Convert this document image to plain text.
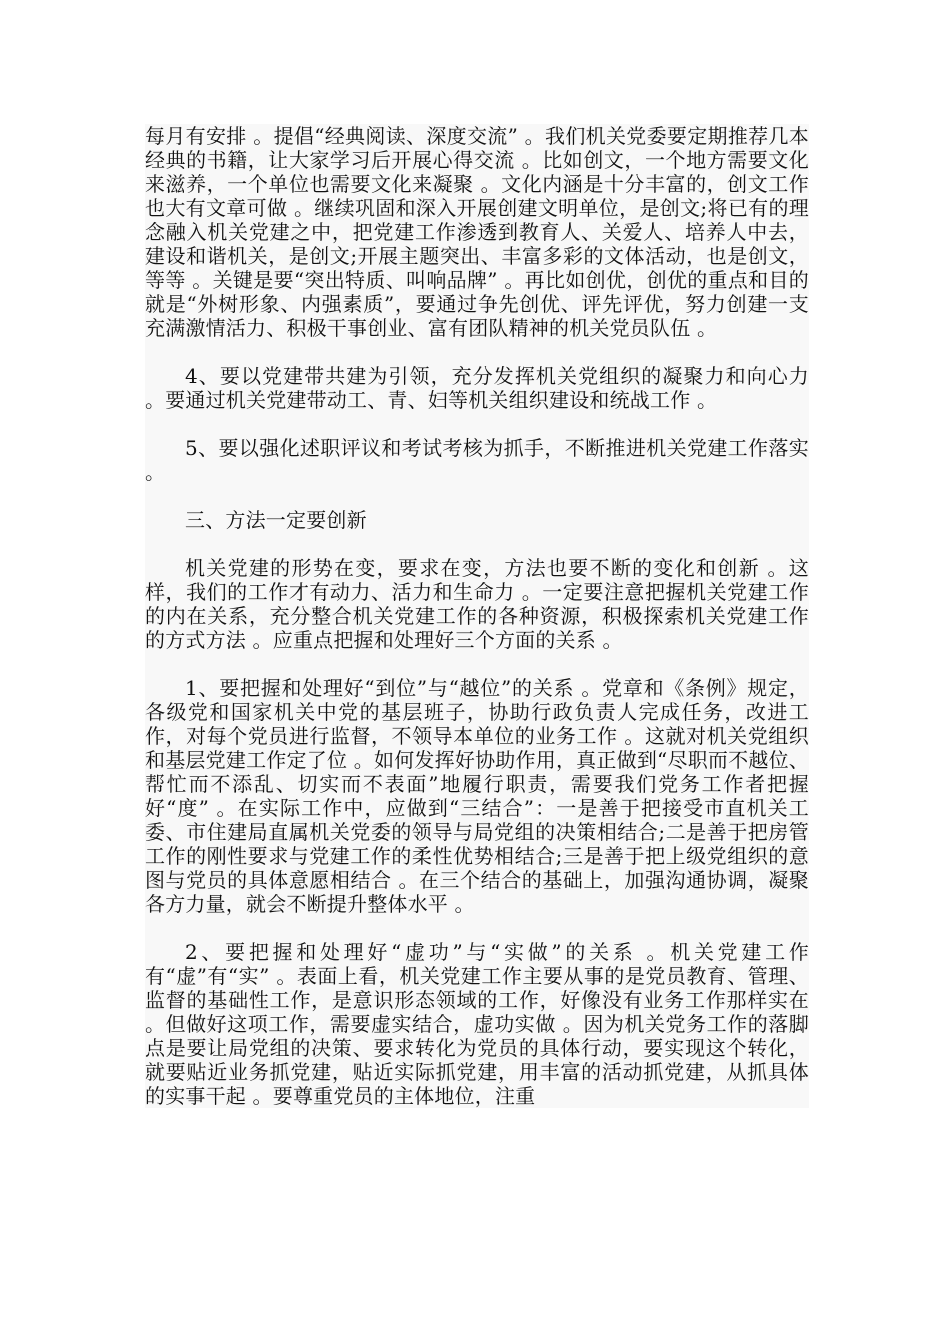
每月有安排 。提倡“经典阅读、深度交流” 。我们机关党委要定期推荐几本经典的书籍，让大家学习后开展心得交流 。比如创文，一个地方需要文化来滋养，一个单位也需要文化来凝聚 。文化内涵是十分丰富的，创文工作也大有文章可做 。继续巩固和深入开展创建文明单位，是创文;将已有的理念融入机关党建之中，把党建工作渗透到教育人、关爱人、培养人中去，建设和谐机关，是创文;开展主题突出、丰富多彩的文体活动，也是创文，等等 。关键是要“突出特质、叫响品牌” 。再比如创优，创优的重点和目的就是“外树形象、内强素质”，要通过争先创优、评先评优，努力创建一支充满激情活力、积极干事创业、富有团队精神的机关党员队伍 。

4、要以党建带共建为引领，充分发挥机关党组织的凝聚力和向心力 。要通过机关党建带动工、青、妇等机关组织建设和统战工作 。

5、要以强化述职评议和考试考核为抓手，不断推进机关党建工作落实 。

三、方法一定要创新

机关党建的形势在变，要求在变，方法也要不断的变化和创新 。这样，我们的工作才有动力、活力和生命力 。一定要注意把握机关党建工作的内在关系，充分整合机关党建工作的各种资源，积极探索机关党建工作的方式方法 。应重点把握和处理好三个方面的关系 。

1、要把握和处理好“到位”与“越位”的关系 。党章和《条例》规定，各级党和国家机关中党的基层班子，协助行政负责人完成任务，改进工作，对每个党员进行监督，不领导本单位的业务工作 。这就对机关党组织和基层党建工作定了位 。如何发挥好协助作用，真正做到“尽职而不越位、帮忙而不添乱、切实而不表面”地履行职责，需要我们党务工作者把握好“度” 。在实际工作中，应做到“三结合”：一是善于把接受市直机关工委、市住建局直属机关党委的领导与局党组的决策相结合;二是善于把房管工作的刚性要求与党建工作的柔性优势相结合;三是善于把上级党组织的意图与党员的具体意愿相结合 。在三个结合的基础上，加强沟通协调，凝聚各方力量，就会不断提升整体水平 。

2、要把握和处理好“虚功”与“实做”的关系 。机关党建工作有“虚”有“实” 。表面上看，机关党建工作主要从事的是党员教育、管理、监督的基础性工作，是意识形态领域的工作，好像没有业务工作那样实在 。但做好这项工作，需要虚实结合，虚功实做 。因为机关党务工作的落脚点是要让局党组的决策、要求转化为党员的具体行动，要实现这个转化，就要贴近业务抓党建，贴近实际抓党建，用丰富的活动抓党建，从抓具体的实事干起 。要尊重党员的主体地位，注重
